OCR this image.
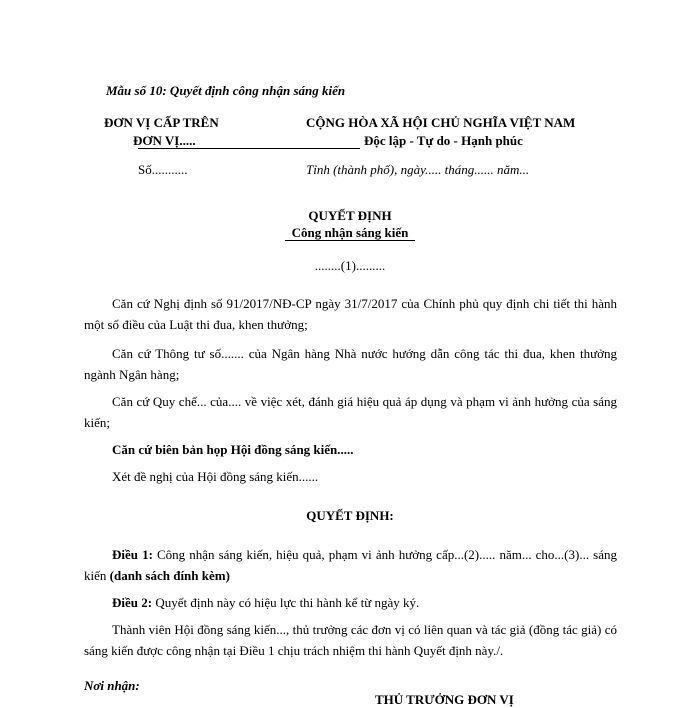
Mẫu số 10: Quyết định công nhận sáng kiến
ĐƠN VỊ CẤP TRÊN
ĐƠN VỊ.....
Số...........
CỘNG HÒA XÃ HỘI CHỦ NGHĨA VIỆT NAM
Độc lập - Tự do - Hạnh phúc
Tỉnh (thành phố), ngày..... tháng...... năm...
QUYẾT ĐỊNH
Công nhận sáng kiến
........(1).........
Căn cứ Nghị định số 91/2017/NĐ-CP ngày 31/7/2017 của Chính phủ quy định chi tiết thi hành một số điều của Luật thi đua, khen thưởng;
Căn cứ Thông tư số....... của Ngân hàng Nhà nước hướng dẫn công tác thi đua, khen thưởng ngành Ngân hàng;
Căn cứ Quy chế... của.... về việc xét, đánh giá hiệu quả áp dụng và phạm vi ảnh hưởng của sáng kiến;
Căn cứ biên bản họp Hội đồng sáng kiến.....
Xét đề nghị của Hội đồng sáng kiến......
QUYẾT ĐỊNH:
Điều 1: Công nhận sáng kiến, hiệu quả, phạm vi ảnh hưởng cấp...(2)..... năm... cho...(3)... sáng kiến (danh sách đính kèm)
Điều 2: Quyết định này có hiệu lực thi hành kể từ ngày ký.
Thành viên Hội đồng sáng kiến..., thủ trưởng các đơn vị có liên quan và tác giả (đồng tác giả) có sáng kiến được công nhận tại Điều 1 chịu trách nhiệm thi hành Quyết định này./.
Nơi nhận:
THỦ TRƯỞNG ĐƠN VỊ
